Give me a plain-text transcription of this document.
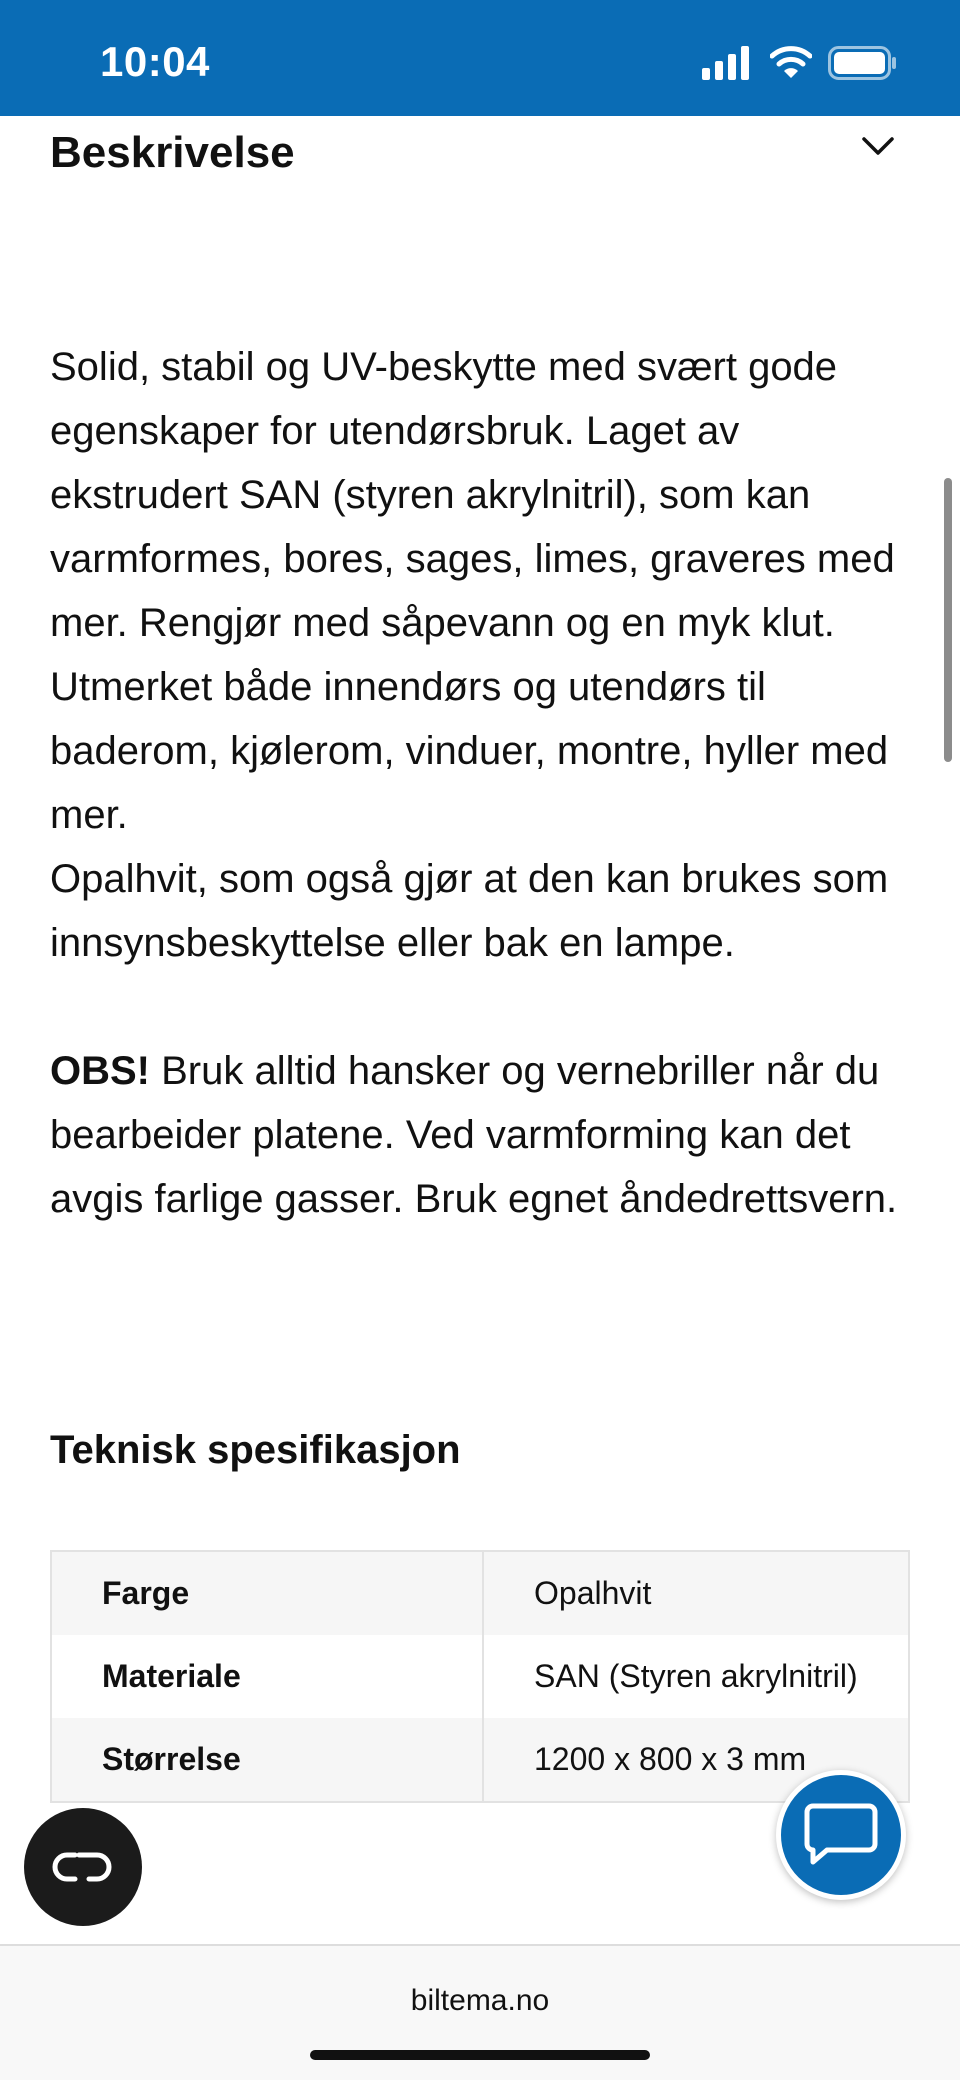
10:04
Beskrivelse

Solid, stabil og UV-beskytte med svært gode egenskaper for utendørsbruk. Laget av ekstrudert SAN (styren akrylnitril), som kan varmformes, bores, sages, limes, graveres med mer. Rengjør med såpevann og en myk klut. Utmerket både innendørs og utendørs til baderom, kjølerom, vinduer, montre, hyller med mer.

Opalhvit, som også gjør at den kan brukes som innsynsbeskyttelse eller bak en lampe.

OBS! Bruk alltid hansker og vernebriller når du bearbeider platene. Ved varmforming kan det avgis farlige gasser. Bruk egnet åndedrettsvern.

Teknisk spesifikasjon
Farge	Opalhvit
Materiale	SAN (Styren akrylnitril)
Størrelse	1200 x 800 x 3 mm
biltema.no
